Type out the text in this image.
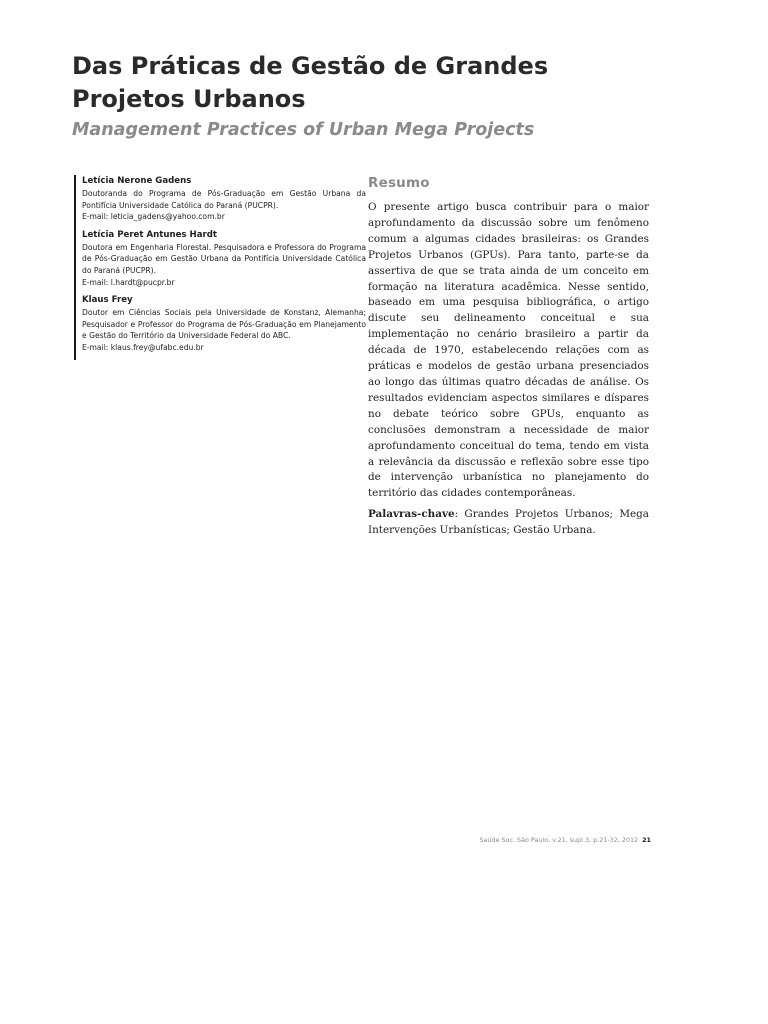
Das Práticas de Gestão de Grandes Projetos Urbanos
Management Practices of Urban Mega Projects
Letícia Nerone Gadens
Doutoranda do Programa de Pós-Graduação em Gestão Urbana da Pontifícia Universidade Católica do Paraná (PUCPR).
E-mail: leticia_gadens@yahoo.com.br
Letícia Peret Antunes Hardt
Doutora em Engenharia Florestal. Pesquisadora e Professora do Programa de Pós-Graduação em Gestão Urbana da Pontifícia Universidade Católica do Paraná (PUCPR).
E-mail: l.hardt@pucpr.br
Klaus Frey
Doutor em Ciências Sociais pela Universidade de Konstanz, Alemanha; Pesquisador e Professor do Programa de Pós-Graduação em Planejamento e Gestão do Território da Universidade Federal do ABC.
E-mail: klaus.frey@ufabc.edu.br
Resumo

O presente artigo busca contribuir para o maior aprofundamento da discussão sobre um fenômeno comum a algumas cidades brasileiras: os Grandes Projetos Urbanos (GPUs). Para tanto, parte-se da assertiva de que se trata ainda de um conceito em formação na literatura acadêmica. Nesse sentido, baseado em uma pesquisa bibliográfica, o artigo discute seu delineamento conceitual e sua implementação no cenário brasileiro a partir da década de 1970, estabelecendo relações com as práticas e modelos de gestão urbana presenciados ao longo das últimas quatro décadas de análise. Os resultados evidenciam aspectos similares e díspares no debate teórico sobre GPUs, enquanto as conclusões demonstram a necessidade de maior aprofundamento conceitual do tema, tendo em vista a relevância da discussão e reflexão sobre esse tipo de intervenção urbanística no planejamento do território das cidades contemporâneas.

Palavras-chave: Grandes Projetos Urbanos; Mega Intervenções Urbanísticas; Gestão Urbana.

Saúde Soc. São Paulo, v.21, supl.3, p.21-32, 2012 21
